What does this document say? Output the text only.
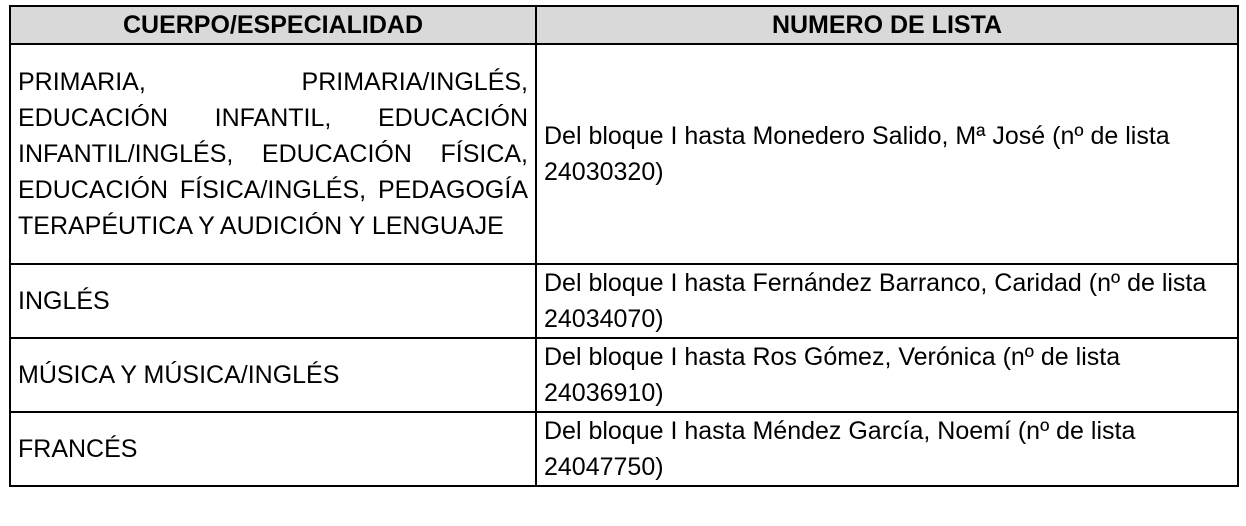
CUERPO/ESPECIALIDAD	NUMERO DE LISTA
PRIMARIA, PRIMARIA/INGLÉS, EDUCACIÓN INFANTIL, EDUCACIÓN INFANTIL/INGLÉS, EDUCACIÓN FÍSICA, EDUCACIÓN FÍSICA/INGLÉS, PEDAGOGÍA TERAPÉUTICA Y AUDICIÓN Y LENGUAJE	Del bloque I hasta Monedero Salido, Mª José (nº de lista 24030320)
INGLÉS	Del bloque I hasta Fernández Barranco, Caridad (nº de lista 24034070)
MÚSICA Y MÚSICA/INGLÉS	Del bloque I hasta Ros Gómez, Verónica (nº de lista 24036910)
FRANCÉS	Del bloque I hasta Méndez García, Noemí (nº de lista 24047750)
